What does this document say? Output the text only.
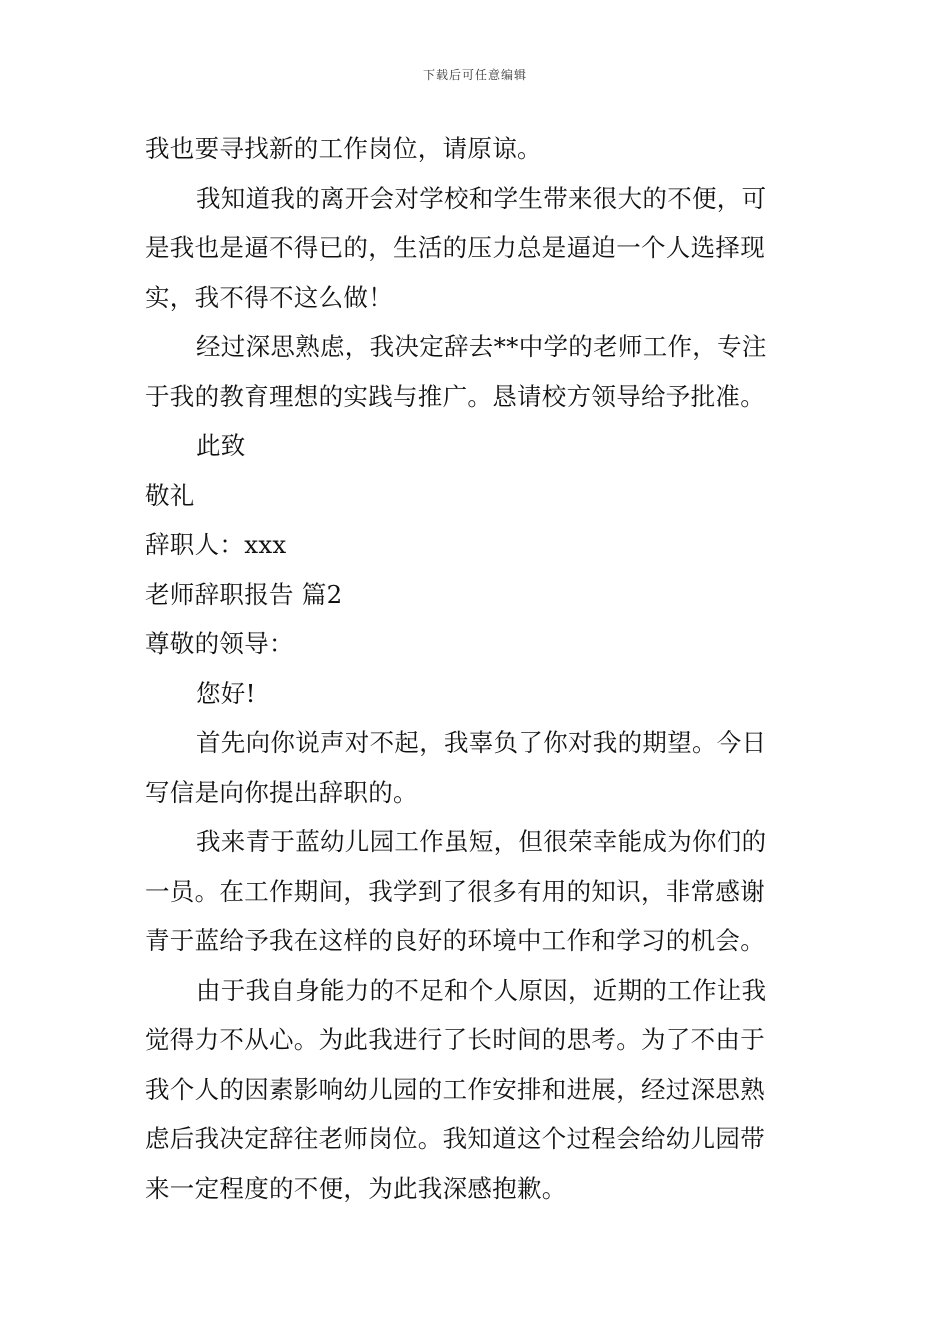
下载后可任意编辑
我也要寻找新的工作岗位，请原谅。
我知道我的离开会对学校和学生带来很大的不便，可
是我也是逼不得已的，生活的压力总是逼迫一个人选择现
实，我不得不这么做！
经过深思熟虑，我决定辞去**中学的老师工作，专注
于我的教育理想的实践与推广。恳请校方领导给予批准。
此致
敬礼
辞职人：xxx
老师辞职报告 篇2
尊敬的领导：
您好!
首先向你说声对不起，我辜负了你对我的期望。今日
写信是向你提出辞职的。
我来青于蓝幼儿园工作虽短，但很荣幸能成为你们的
一员。在工作期间，我学到了很多有用的知识，非常感谢
青于蓝给予我在这样的良好的环境中工作和学习的机会。
由于我自身能力的不足和个人原因，近期的工作让我
觉得力不从心。为此我进行了长时间的思考。为了不由于
我个人的因素影响幼儿园的工作安排和进展，经过深思熟
虑后我决定辞往老师岗位。我知道这个过程会给幼儿园带
来一定程度的不便，为此我深感抱歉。
